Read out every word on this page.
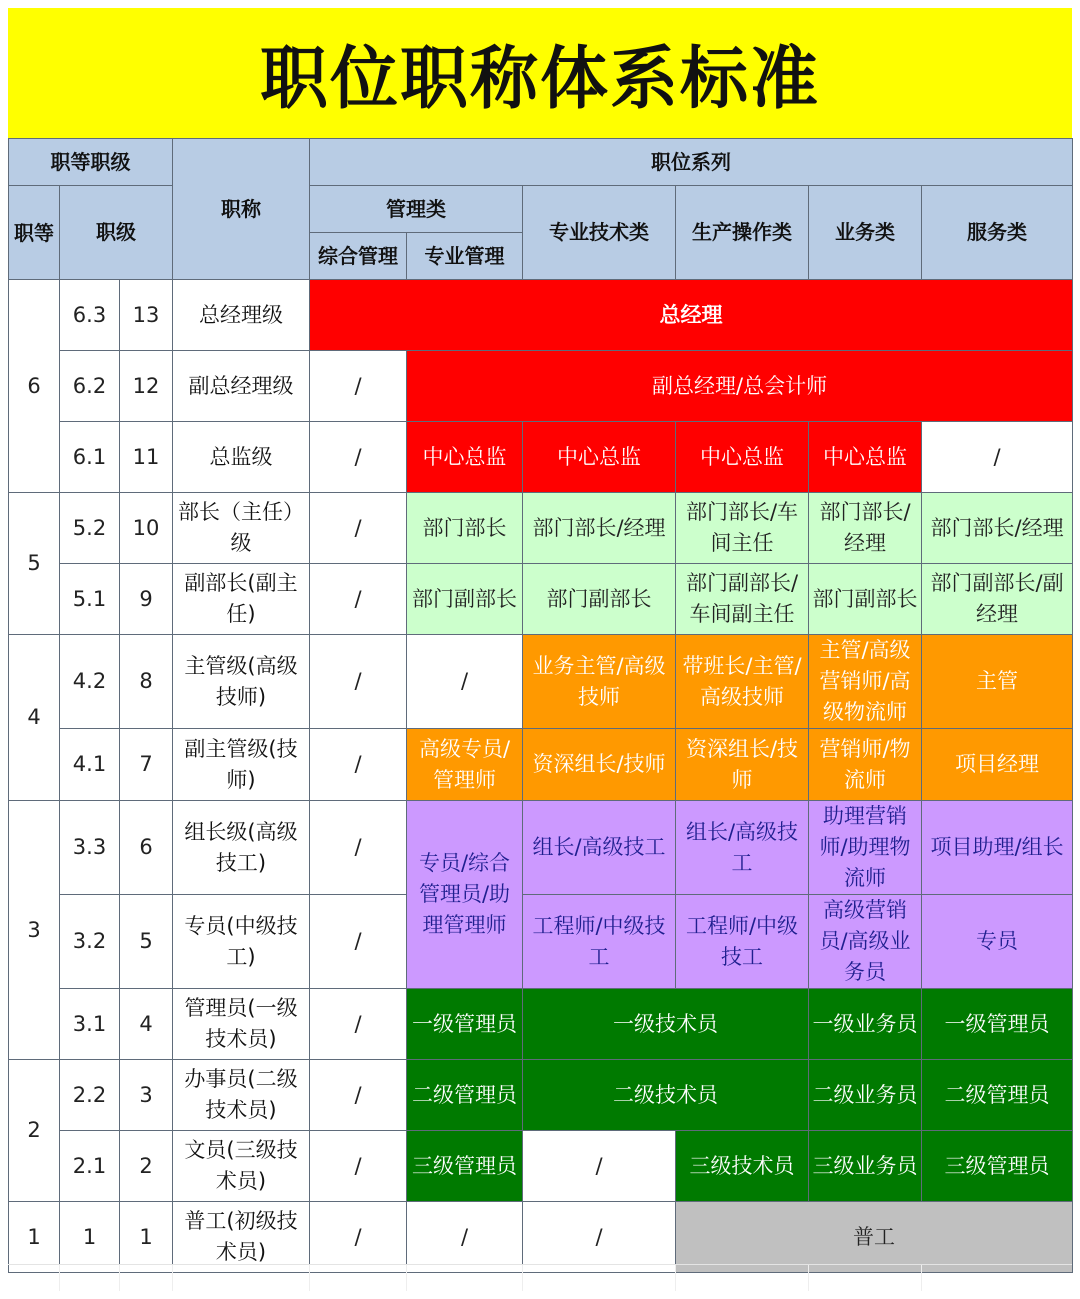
职位职称体系标准
职等职级			职称	职位系列					
职等	职级			管理类		专业技术类	生产操作类	业务类	服务类
				综合管理	专业管理				
6	6.3	13	总经理级	总经理					
	6.2	12	副总经理级	/	副总经理/总会计师				
	6.1	11	总监级	/	中心总监	中心总监	中心总监	中心总监	/
5	5.2	10	部长（主任）级	/	部门部长	部门部长/经理	部门部长/车间主任	部门部长/经理	部门部长/经理
	5.1	9	副部长(副主任)	/	部门副部长	部门副部长	部门副部长/车间副主任	部门副部长	部门副部长/副经理
4	4.2	8	主管级(高级技师)	/	/	业务主管/高级技师	带班长/主管/高级技师	主管/高级营销师/高级物流师	主管
	4.1	7	副主管级(技师)	/	高级专员/管理师	资深组长/技师	资深组长/技师	营销师/物流师	项目经理
3	3.3	6	组长级(高级技工)	/	专员/综合管理员/助理管理师	组长/高级技工	组长/高级技工	助理营销师/助理物流师	项目助理/组长
	3.2	5	专员(中级技工)	/		工程师/中级技工	工程师/中级技工	高级营销员/高级业务员	专员
	3.1	4	管理员(一级技术员)	/	一级管理员	一级技术员		一级业务员	一级管理员
2	2.2	3	办事员(二级技术员)	/	二级管理员	二级技术员		二级业务员	二级管理员
	2.1	2	文员(三级技术员)	/	三级管理员	/	三级技术员	三级业务员	三级管理员
1	1	1	普工(初级技术员)	/	/	/	普工		
